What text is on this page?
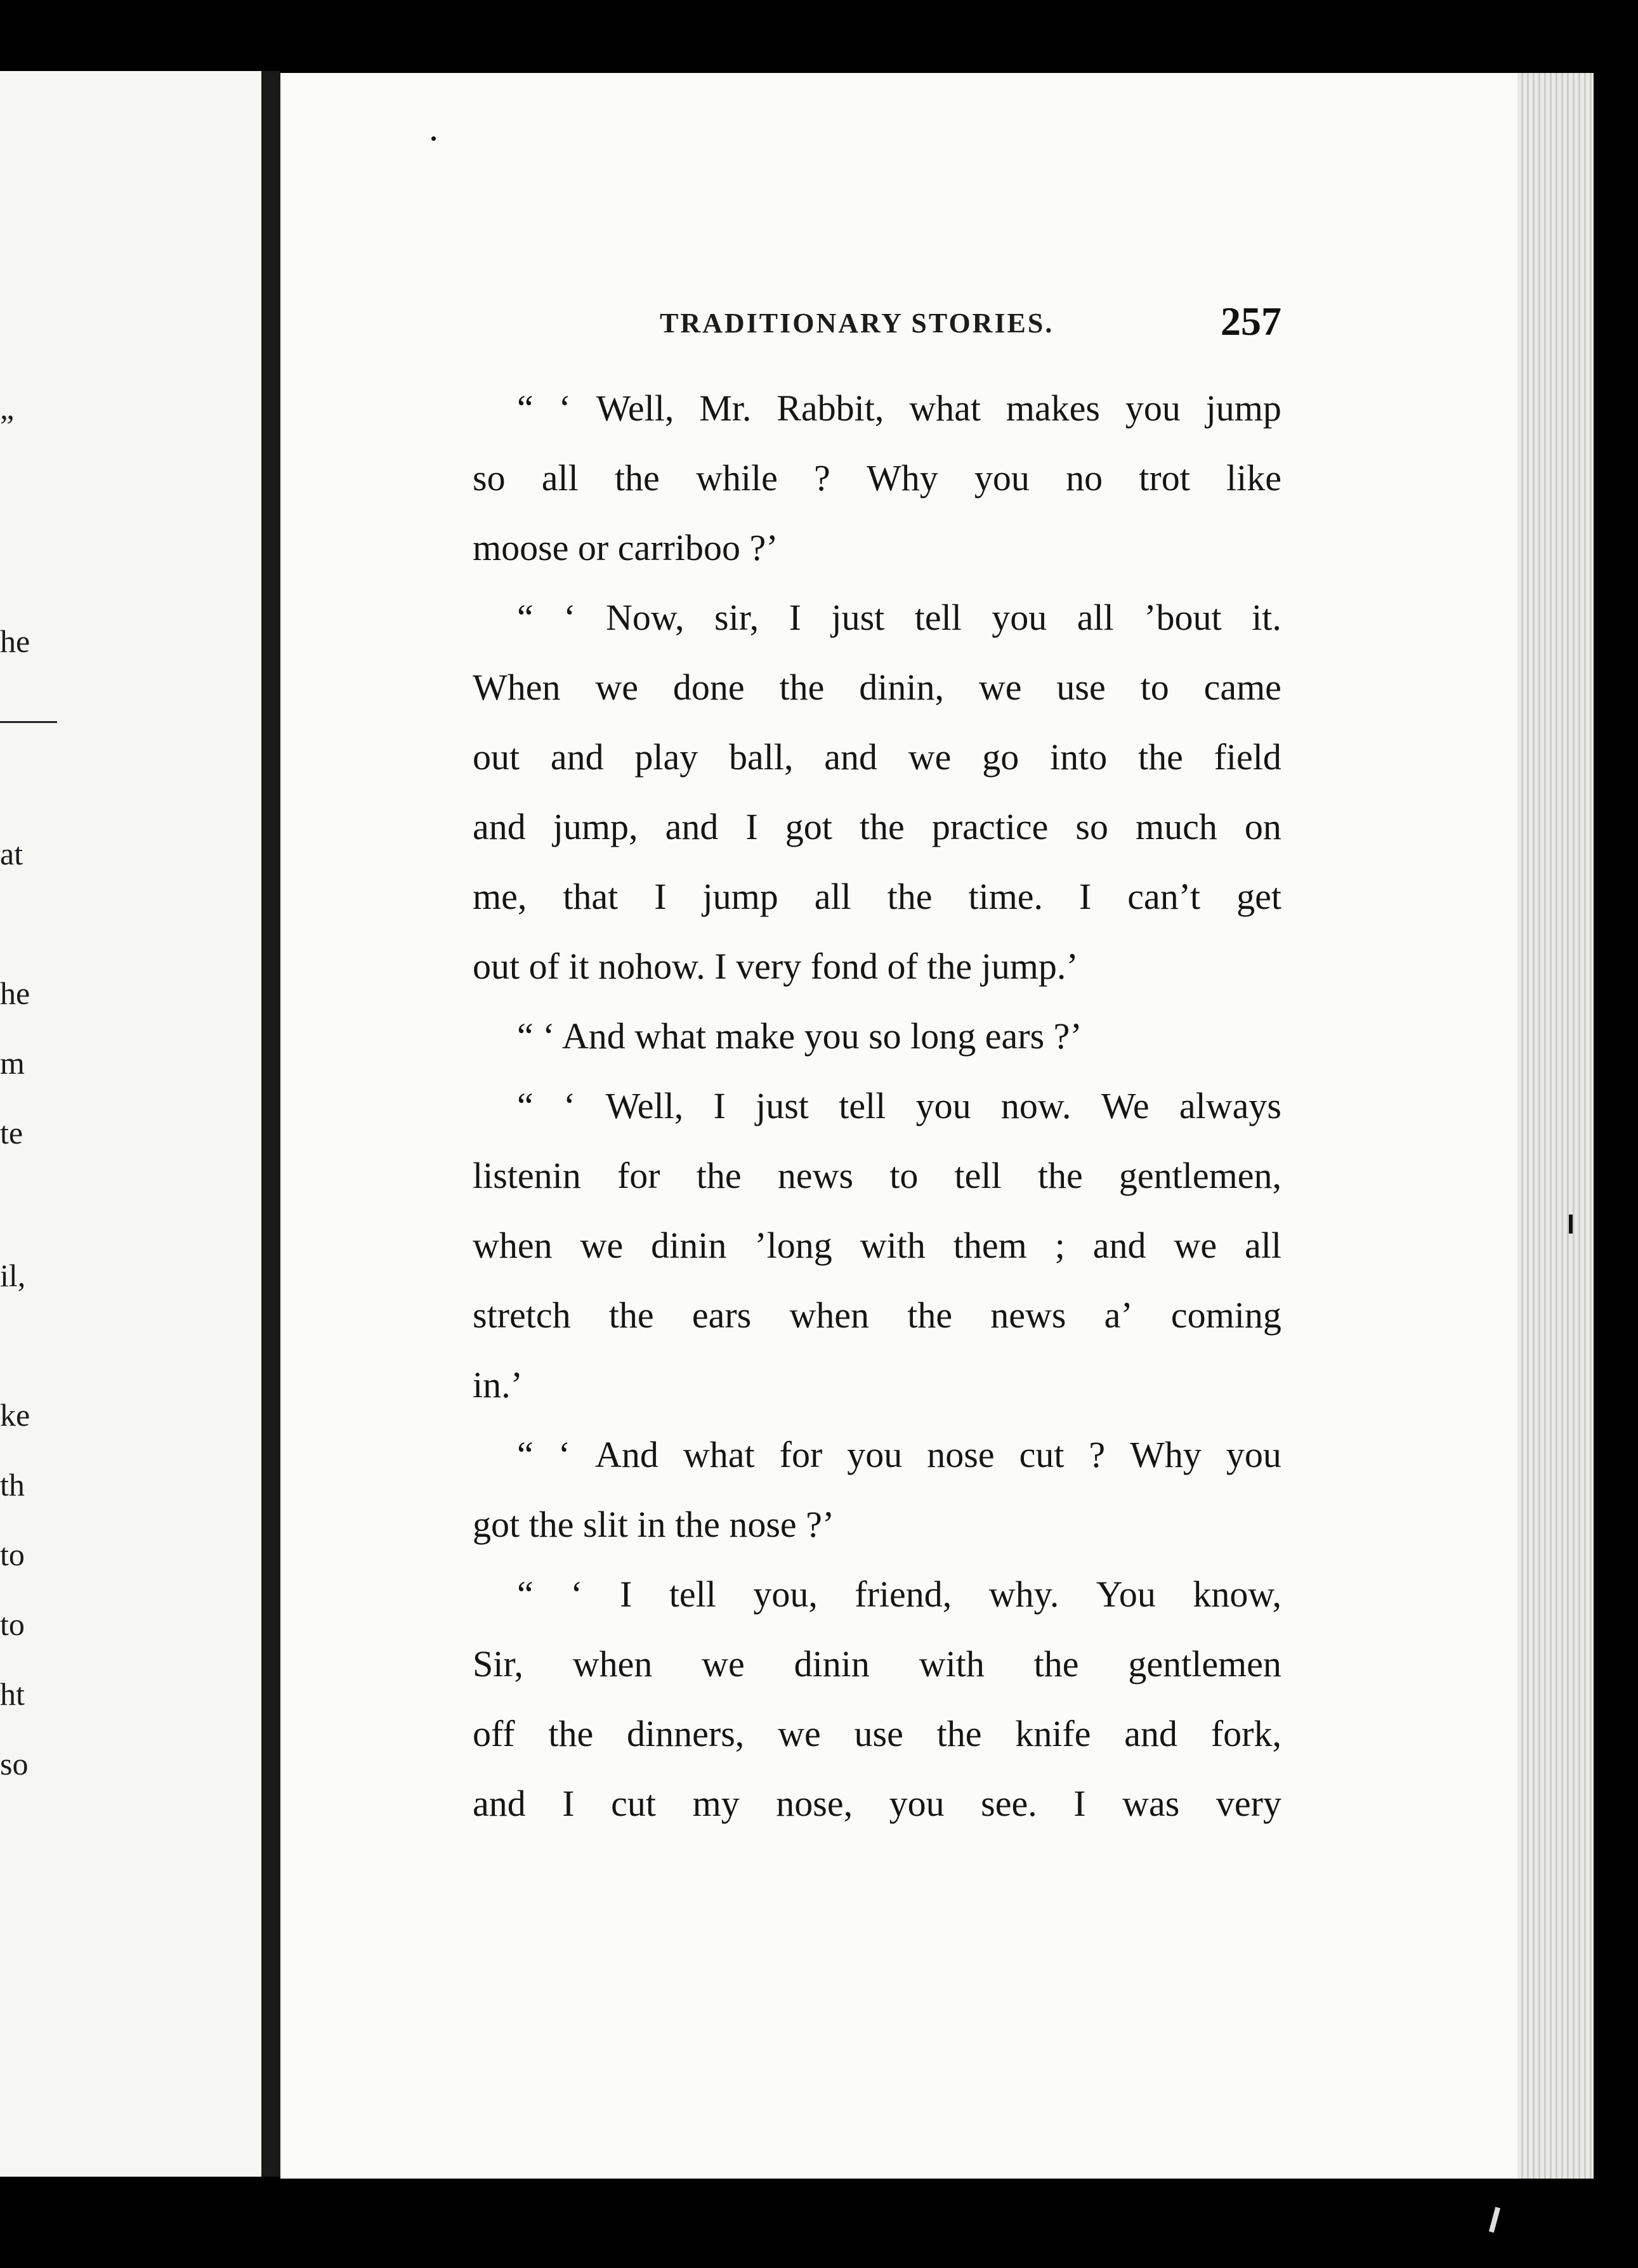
”
he
at
he
m
te
il,
ke
th
to
to
ht
so
TRADITIONARY STORIES.	257
“ ‘ Well, Mr. Rabbit, what makes you jump
so all the while ? Why you no trot like
moose or carriboo ?’
“ ‘ Now, sir, I just tell you all ’bout it.
When we done the dinin, we use to came
out and play ball, and we go into the field
and jump, and I got the practice so much on
me, that I jump all the time. I can’t get
out of it nohow. I very fond of the jump.’
“ ‘ And what make you so long ears ?’
“ ‘ Well, I just tell you now. We always
listenin for the news to tell the gentlemen,
when we dinin ’long with them ; and we all
stretch the ears when the news a’ coming
in.’
“ ‘ And what for you nose cut ? Why you
got the slit in the nose ?’
“ ‘ I tell you, friend, why. You know,
Sir, when we dinin with the gentlemen
off the dinners, we use the knife and fork,
and I cut my nose, you see. I was very
